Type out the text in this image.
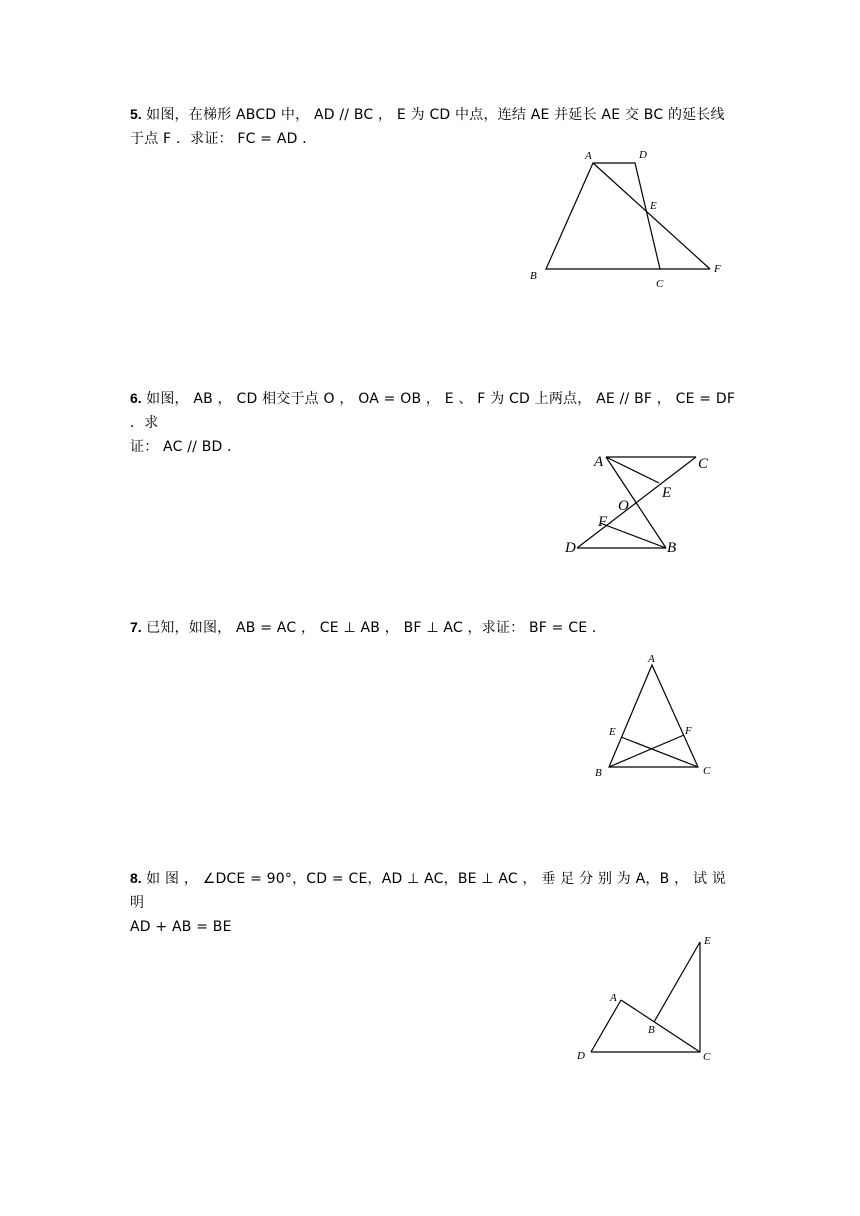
5. 如图，在梯形 ABCD 中， AD // BC ， E 为 CD 中点，连结 AE 并延长 AE 交 BC 的延长线
于点 F ．求证： FC = AD ．
A	D
E
B
C
F
6. 如图， AB ， CD 相交于点 O ， OA = OB ， E 、 F 为 CD 上两点， AE // BF ， CE = DF ．求
证： AC // BD ．
A	C
E
O
F
D	B
7. 已知，如图， AB = AC ， CE ⊥ AB ， BF ⊥ AC ，求证： BF = CE ．
A
E	F
B	C
8. 如 图 ， ∠DCE = 90°，CD = CE，AD ⊥ AC，BE ⊥ AC ， 垂 足 分 别 为 A，B ， 试 说 明
AD + AB = BE
E
A
B
D	C
